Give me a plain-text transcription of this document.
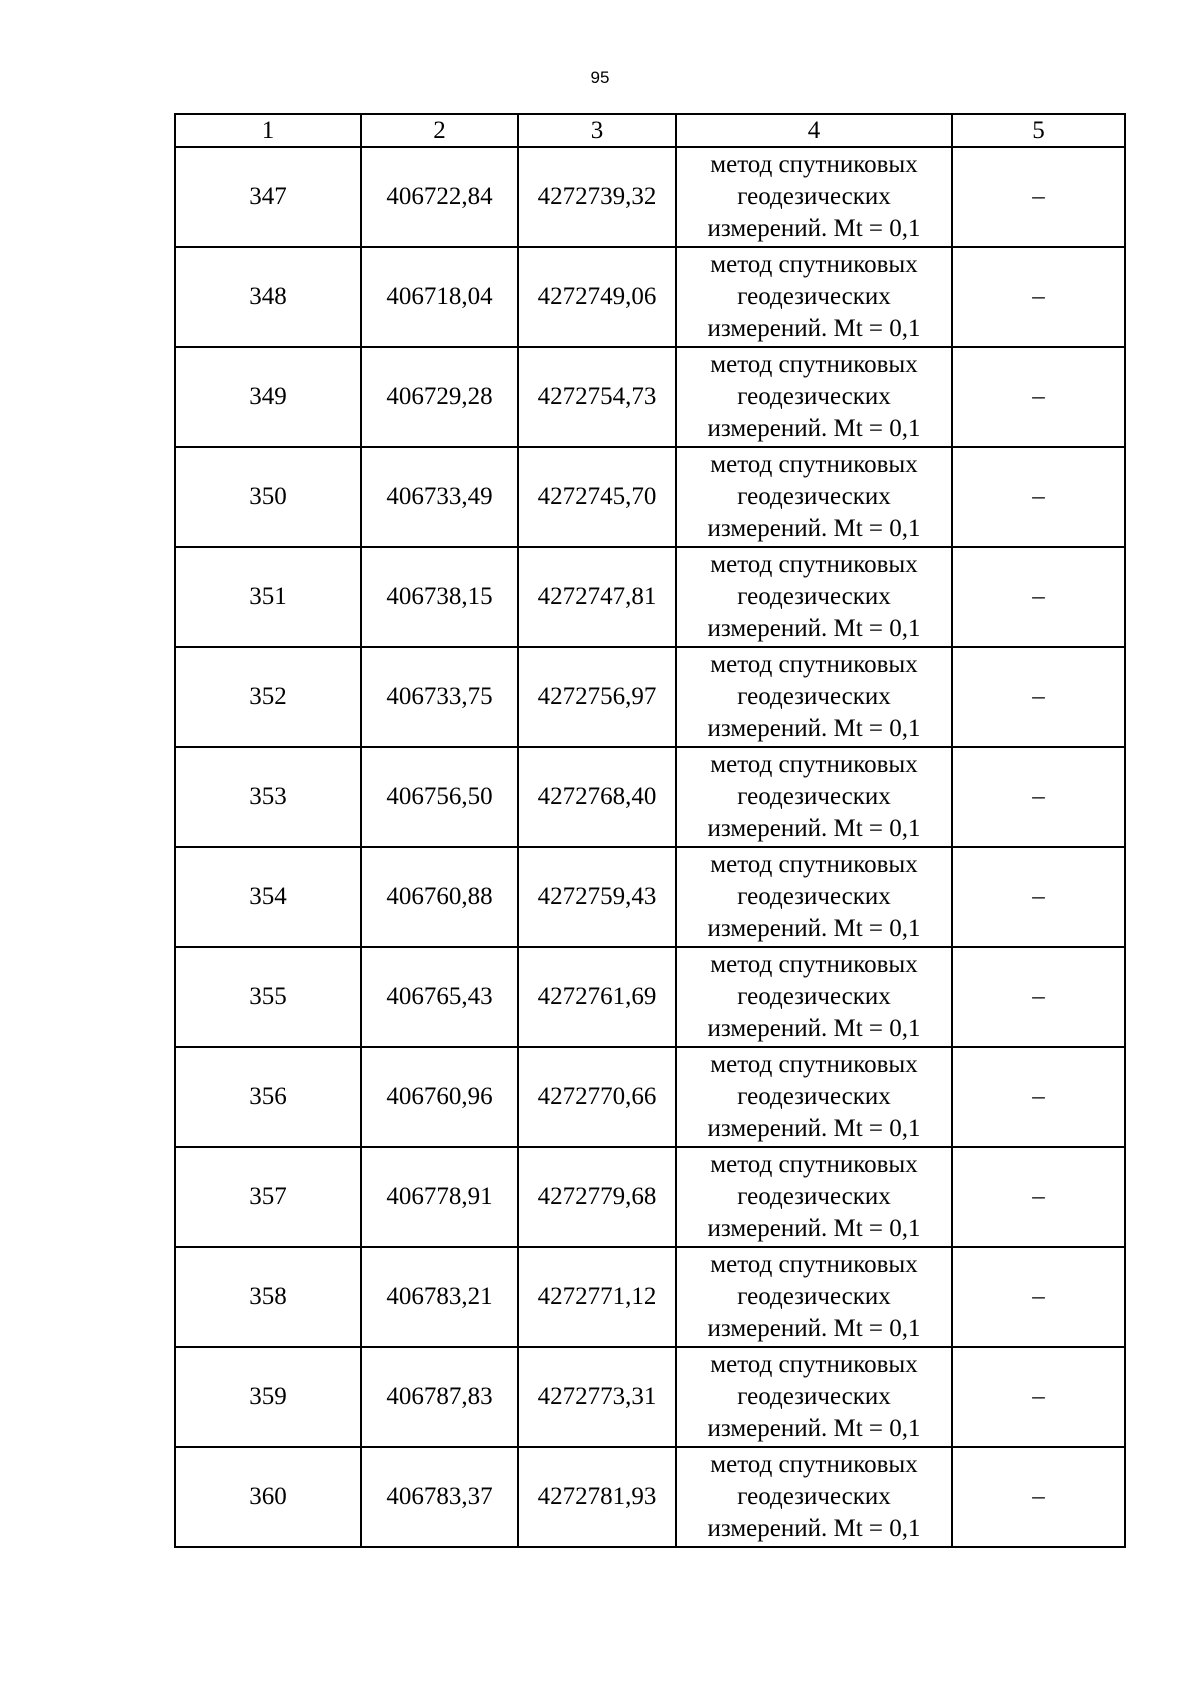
95
1	2	3	4	5
347	406722,84	4272739,32	метод спутниковых
геодезических
измерений. Mt = 0,1	–
348	406718,04	4272749,06	метод спутниковых
геодезических
измерений. Mt = 0,1	–
349	406729,28	4272754,73	метод спутниковых
геодезических
измерений. Mt = 0,1	–
350	406733,49	4272745,70	метод спутниковых
геодезических
измерений. Mt = 0,1	–
351	406738,15	4272747,81	метод спутниковых
геодезических
измерений. Mt = 0,1	–
352	406733,75	4272756,97	метод спутниковых
геодезических
измерений. Mt = 0,1	–
353	406756,50	4272768,40	метод спутниковых
геодезических
измерений. Mt = 0,1	–
354	406760,88	4272759,43	метод спутниковых
геодезических
измерений. Mt = 0,1	–
355	406765,43	4272761,69	метод спутниковых
геодезических
измерений. Mt = 0,1	–
356	406760,96	4272770,66	метод спутниковых
геодезических
измерений. Mt = 0,1	–
357	406778,91	4272779,68	метод спутниковых
геодезических
измерений. Mt = 0,1	–
358	406783,21	4272771,12	метод спутниковых
геодезических
измерений. Mt = 0,1	–
359	406787,83	4272773,31	метод спутниковых
геодезических
измерений. Mt = 0,1	–
360	406783,37	4272781,93	метод спутниковых
геодезических
измерений. Mt = 0,1	–
